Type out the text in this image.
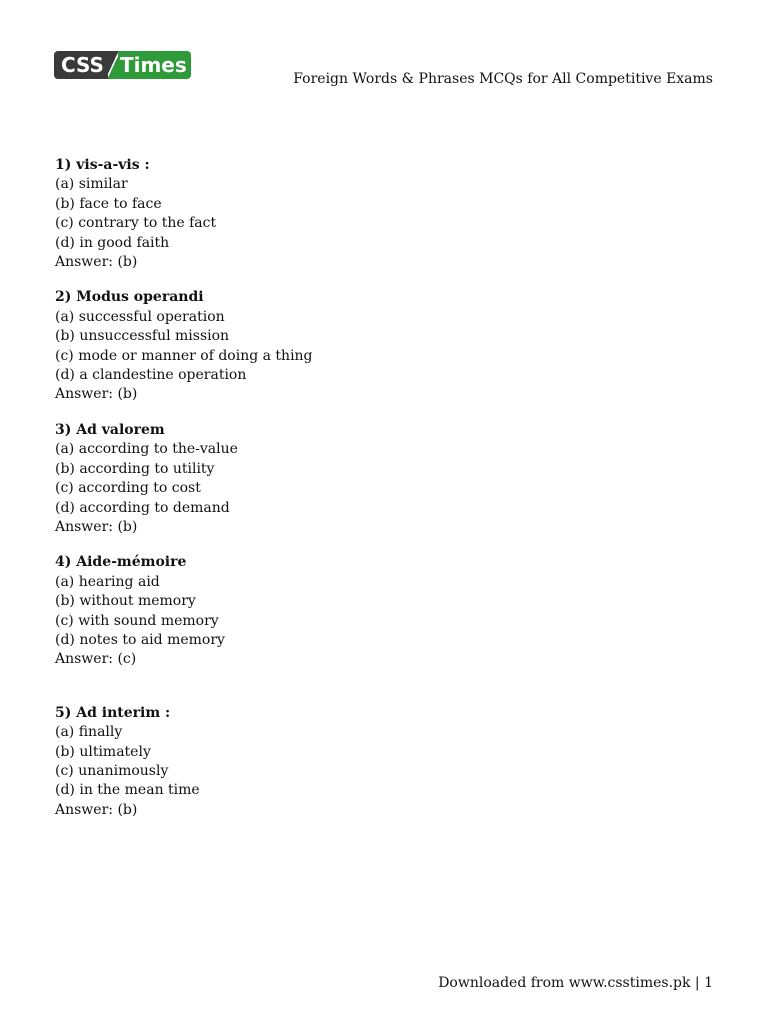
CSS Times
Foreign Words & Phrases MCQs for All Competitive Exams
1) vis-a-vis :
(a) similar
(b) face to face
(c) contrary to the fact
(d) in good faith
Answer: (b)
2) Modus operandi
(a) successful operation
(b) unsuccessful mission
(c) mode or manner of doing a thing
(d) a clandestine operation
Answer: (b)
3) Ad valorem
(a) according to the-value
(b) according to utility
(c) according to cost
(d) according to demand
Answer: (b)
4) Aide-mémoire
(a) hearing aid
(b) without memory
(c) with sound memory
(d) notes to aid memory
Answer: (c)
5) Ad interim :
(a) finally
(b) ultimately
(c) unanimously
(d) in the mean time
Answer: (b)
Downloaded from www.csstimes.pk | 1
